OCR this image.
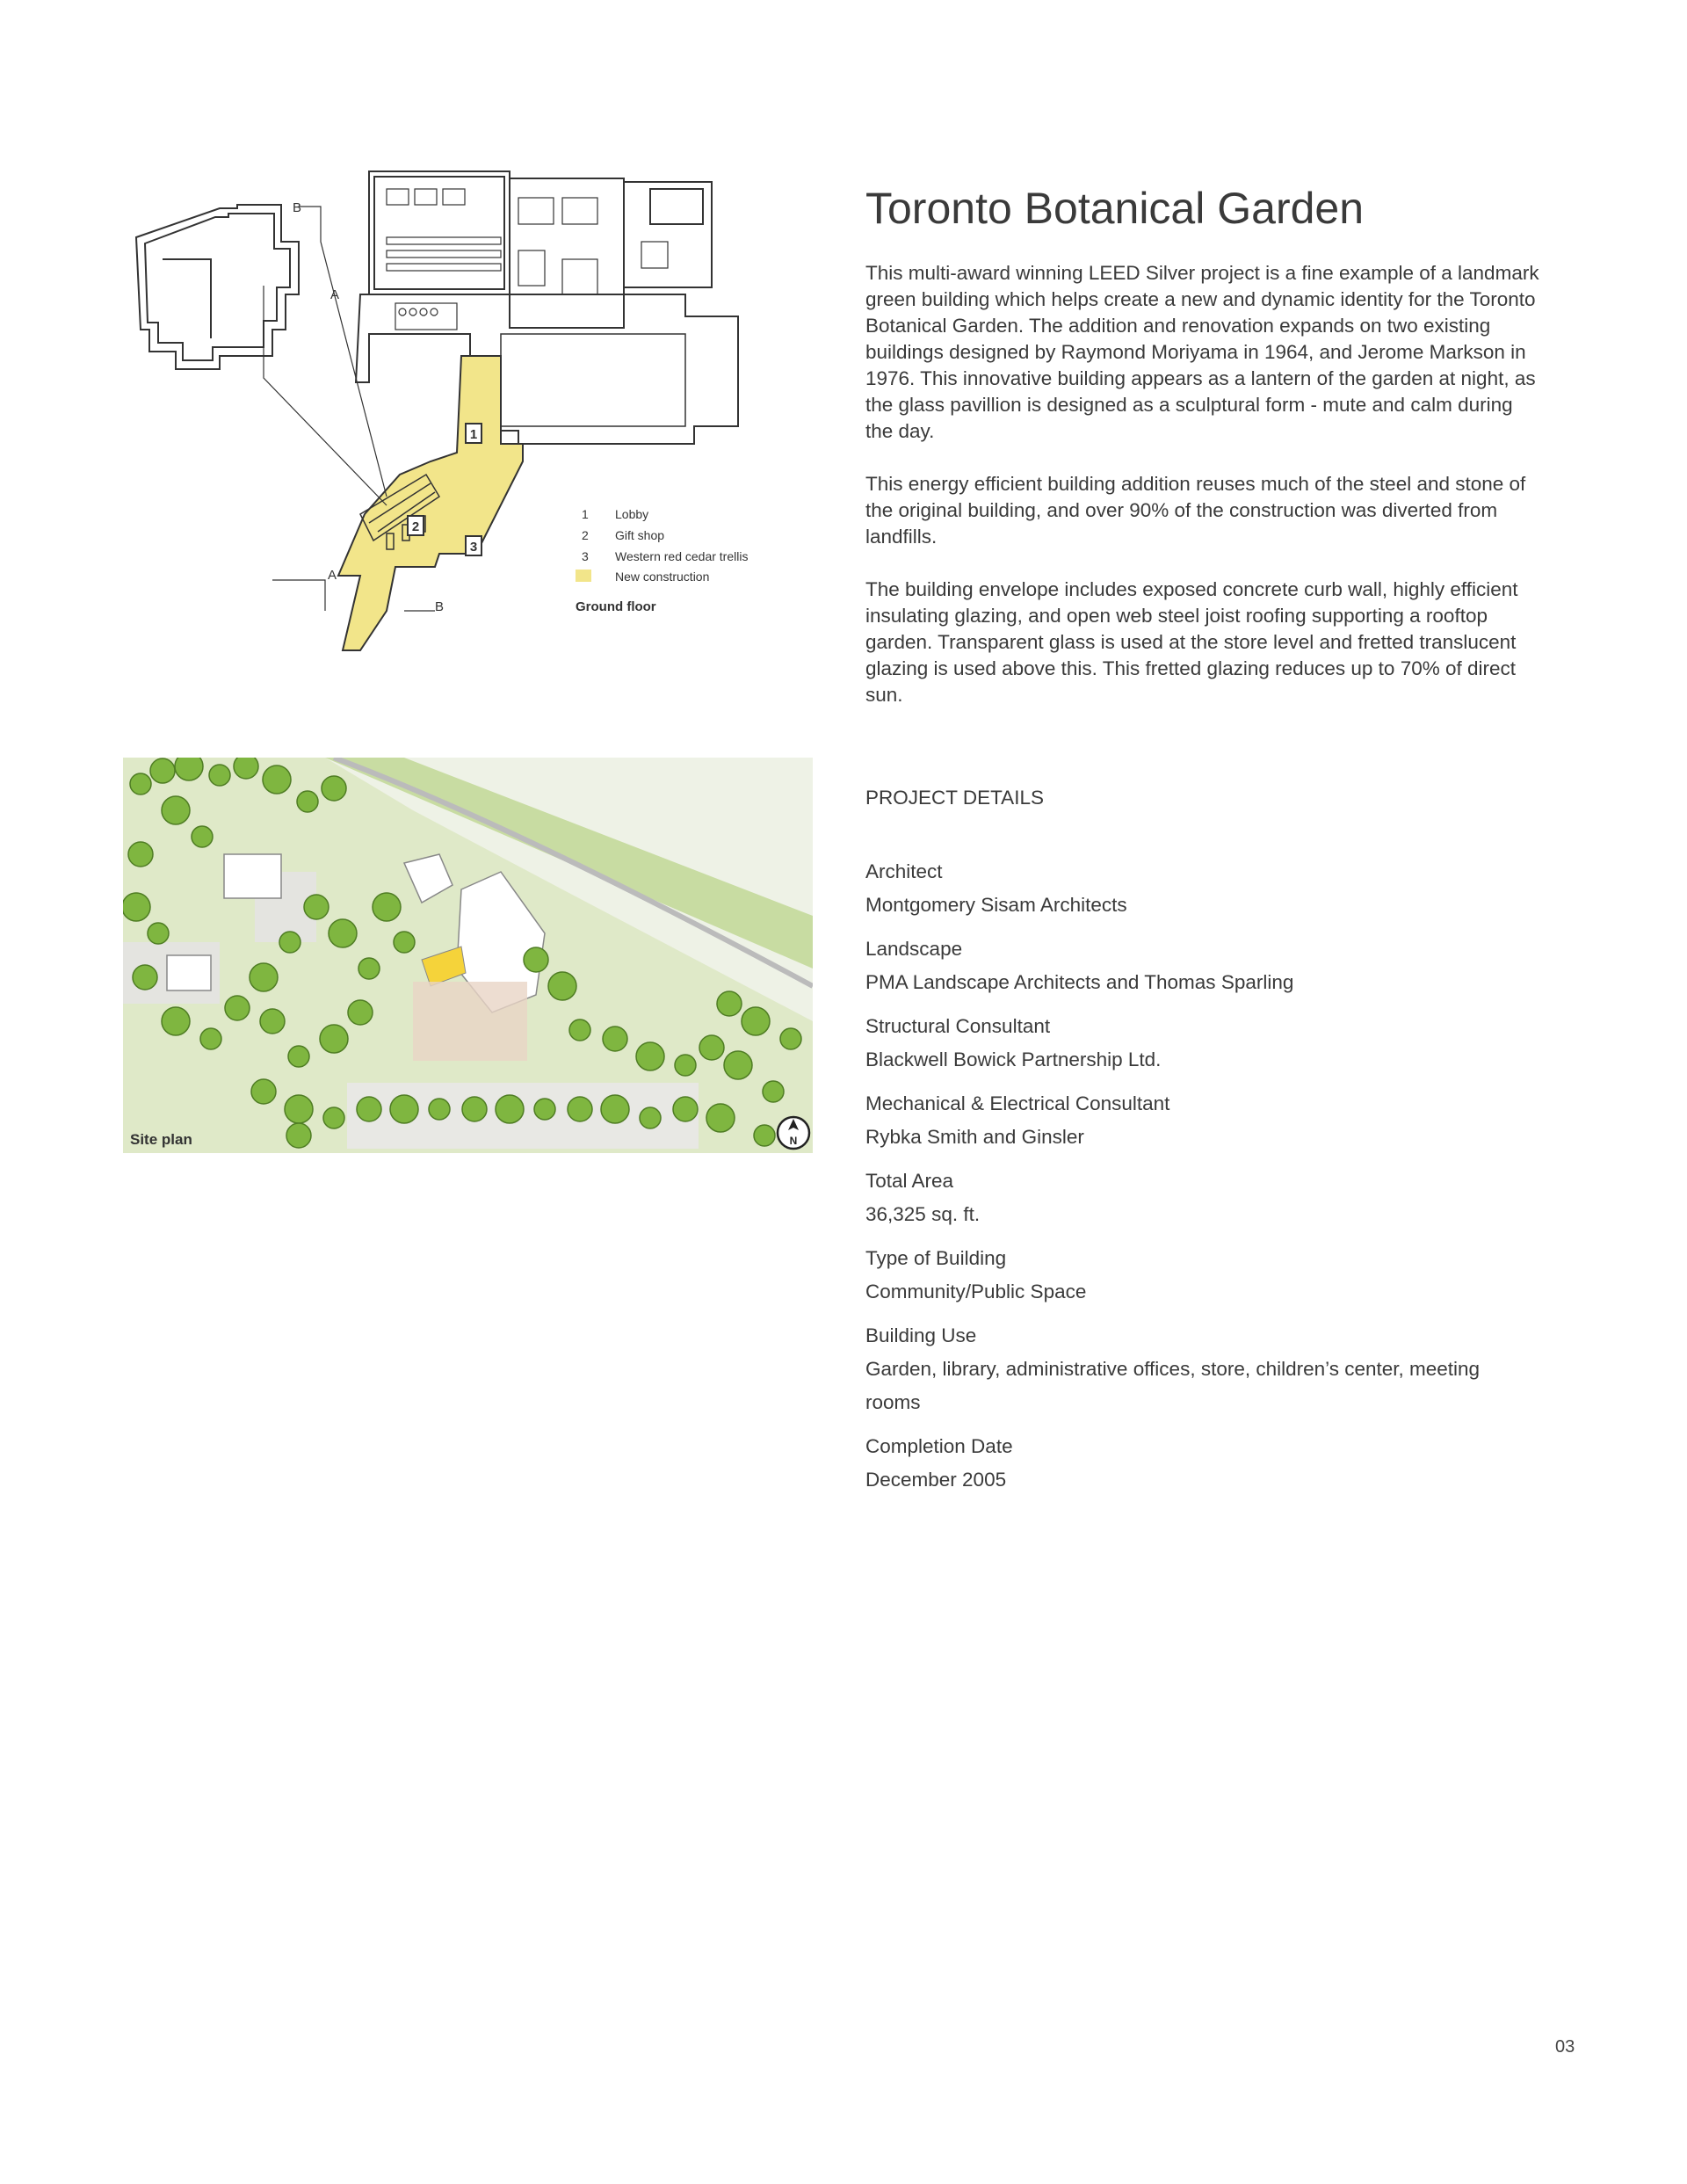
B
A
A
B
1
2
3
1 Lobby
2 Gift shop
3 Western red cedar trellis
New construction
Ground floor
Site plan	N
Toronto Botanical Garden

This multi-award winning LEED Silver project is a fine example of a landmark green building which helps create a new and dynamic identity for the Toronto Botanical Garden. The addition and renovation expands on two existing buildings designed by Raymond Moriyama in 1964, and Jerome Markson in 1976. This innovative building appears as a lantern of the garden at night, as the glass pavillion is designed as a sculptural form - mute and calm during the day.

This energy efficient building addition reuses much of the steel and stone of the original building, and over 90% of the construction was diverted from landfills.

The building envelope includes exposed concrete curb wall, highly efficient insulating glazing, and open web steel joist roofing supporting a rooftop garden. Transparent glass is used at the store level and fretted translucent glazing is used above this. This fretted glazing reduces up to 70% of direct sun.

PROJECT DETAILS
Architect
Montgomery Sisam Architects
Landscape
PMA Landscape Architects and Thomas Sparling
Structural Consultant
Blackwell Bowick Partnership Ltd.
Mechanical & Electrical Consultant
Rybka Smith and Ginsler
Total Area
36,325 sq. ft.
Type of Building
Community/Public Space
Building Use
Garden, library, administrative offices, store, children’s center, meeting rooms
Completion Date
December 2005
03
